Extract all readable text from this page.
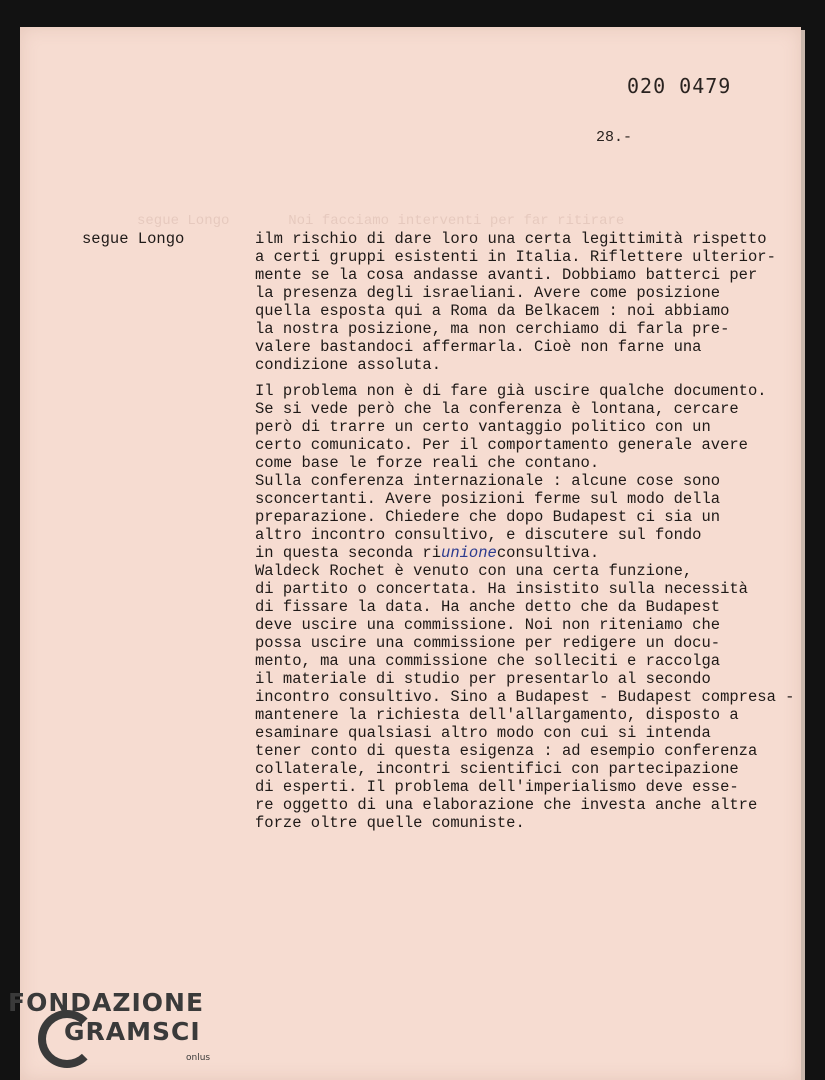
segue Longo       Noi facciamo interventi per far ritirare
020 0479
28.-
segue Longo	ilm rischio di dare loro una certa legittimità rispetto
a certi gruppi esistenti in Italia. Riflettere ulterior-
mente se la cosa andasse avanti. Dobbiamo batterci per
la presenza degli israeliani. Avere come posizione
quella esposta qui a Roma da Belkacem : noi abbiamo
la nostra posizione, ma non cerchiamo di farla pre-
valere bastandoci affermarla. Cioè non farne una
condizione assoluta.

Il problema non è di fare già uscire qualche documento.
Se si vede però che la conferenza è lontana, cercare
però di trarre un certo vantaggio politico con un
certo comunicato. Per il comportamento generale avere
come base le forze reali che contano.
Sulla conferenza internazionale : alcune cose sono
sconcertanti. Avere posizioni ferme sul modo della
preparazione. Chiedere che dopo Budapest ci sia un
altro incontro consultivo, e discutere sul fondo
in questa seconda riunioneconsultiva.
Waldeck Rochet è venuto con una certa funzione,
di partito o concertata. Ha insistito sulla necessità
di fissare la data. Ha anche detto che da Budapest
deve uscire una commissione. Noi non riteniamo che
possa uscire una commissione per redigere un docu-
mento, ma una commissione che solleciti e raccolga
il materiale di studio per presentarlo al secondo
incontro consultivo. Sino a Budapest - Budapest compresa -
mantenere la richiesta dell'allargamento, disposto a
esaminare qualsiasi altro modo con cui si intenda
tener conto di questa esigenza : ad esempio conferenza
collaterale, incontri scientifici con partecipazione
di esperti. Il problema dell'imperialismo deve esse-
re oggetto di una elaborazione che investa anche altre
forze oltre quelle comuniste.

FONDAZIONE
GRAMSCI
onlus
